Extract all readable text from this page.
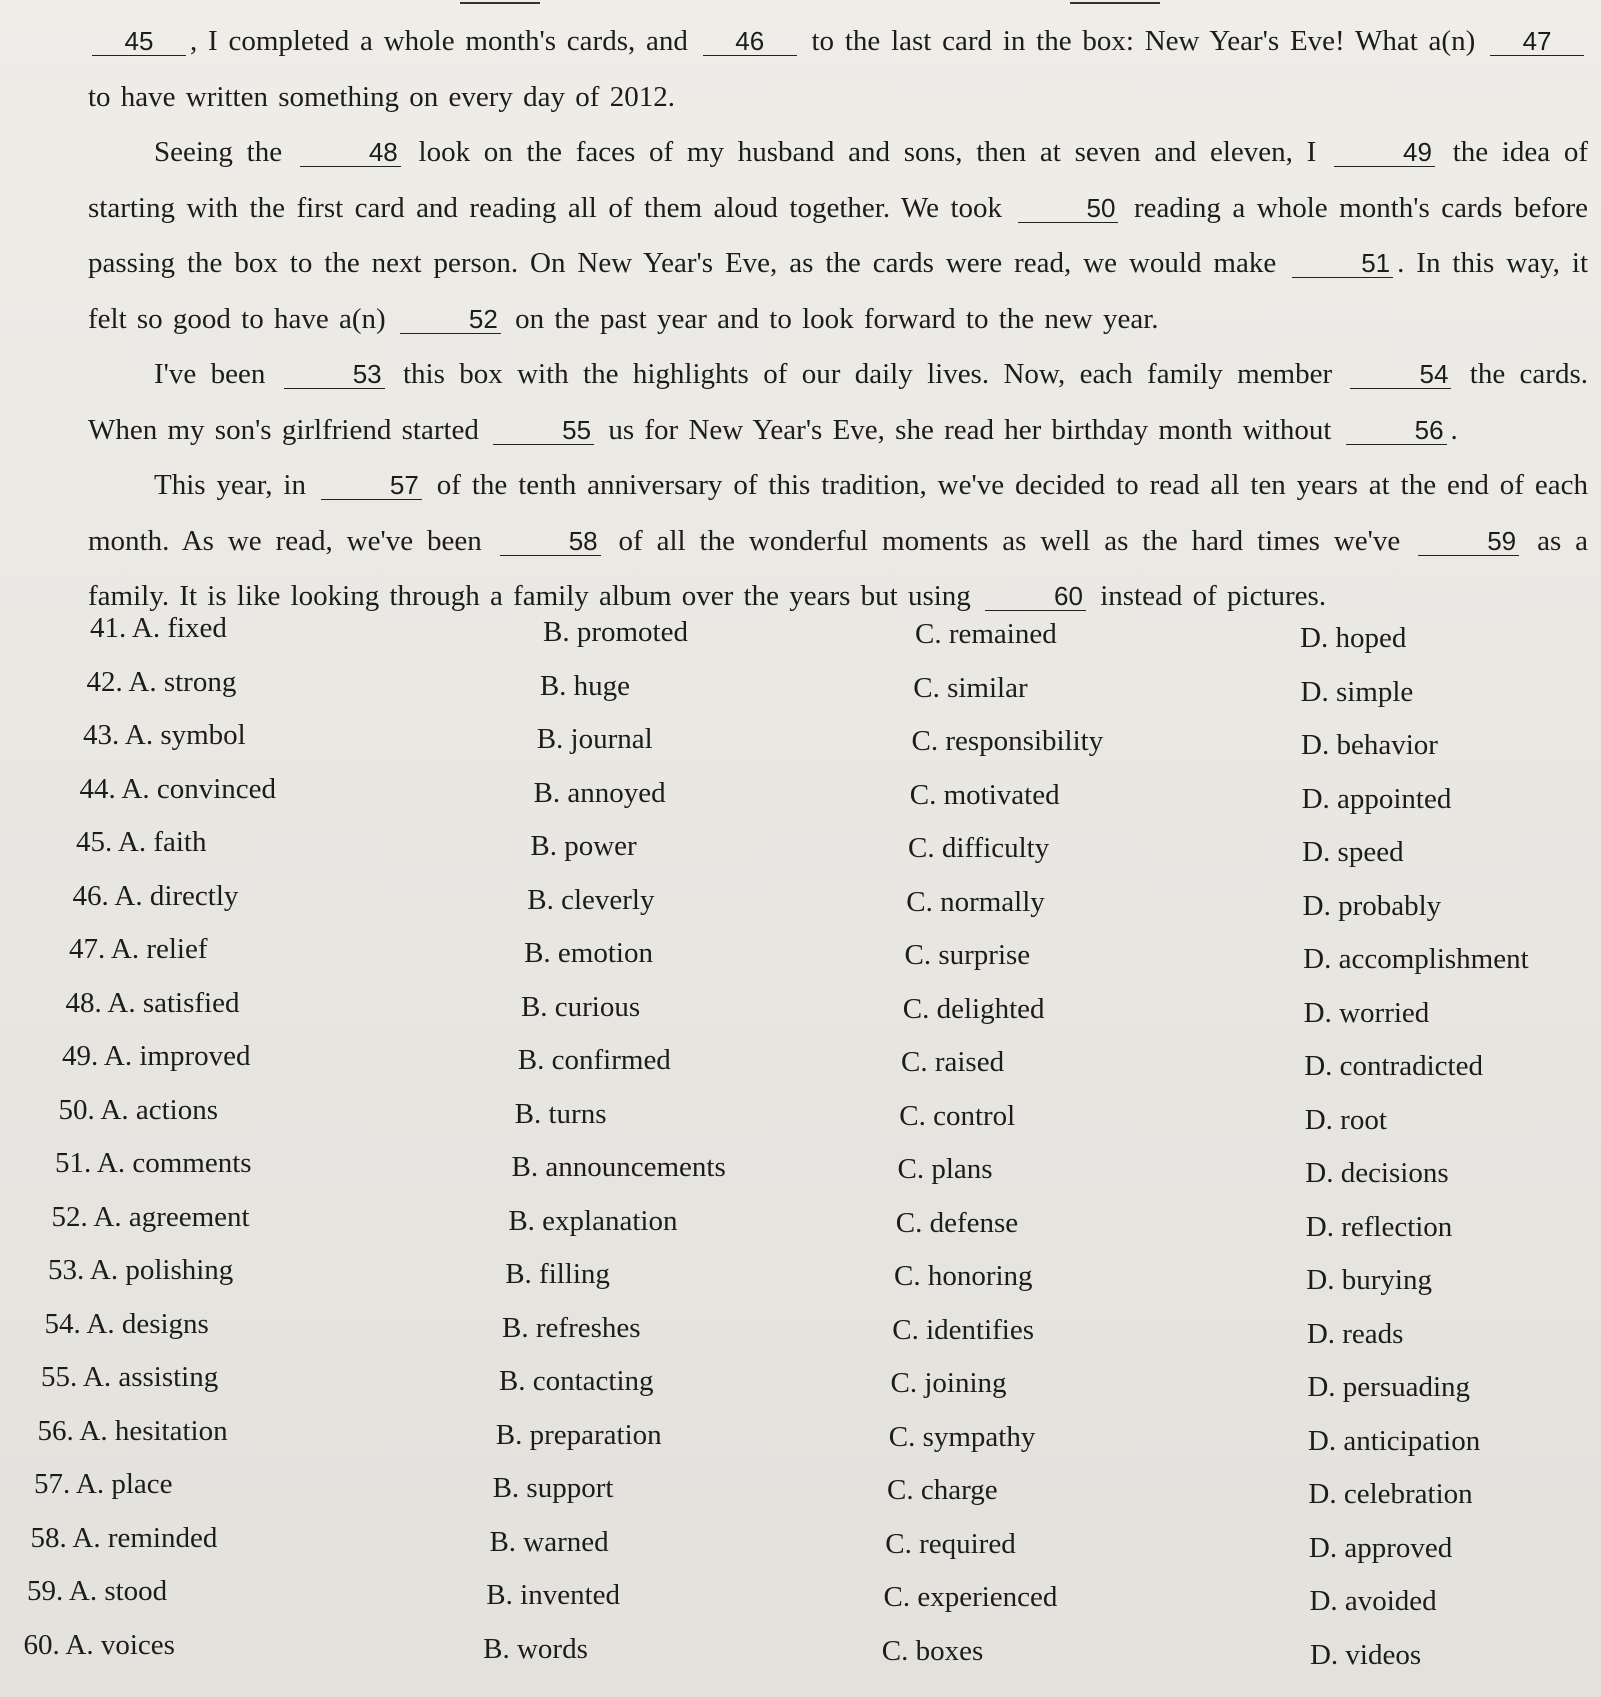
45 , I completed a whole month's cards, and 46 to the last card in the box: New Year's Eve! What a(n) 47 to have written something on every day of 2012.

Seeing the	48 look on the faces of my husband and sons, then at seven and eleven, I	49 the idea of starting with the first card and reading all of them aloud together. We took	50 reading a whole month's cards before passing the box to the next person. On New Year's Eve, as the cards were read, we would make	51 . In this way, it felt so good to have a(n)	52 on the past year and to look forward to the new year.

I've been	53 this box with the highlights of our daily lives. Now, each family member	54 the cards. When my son's girlfriend started	55 us for New Year's Eve, she read her birthday month without	56 .

This year, in	57 of the tenth anniversary of this tradition, we've decided to read all ten years at the end of each month. As we read, we've been	58 of all the wonderful moments as well as the hard times we've	59 as a family. It is like looking through a family album over the years but using	60 instead of pictures.

41. A. fixed	B. promoted	C. remained	D. hoped
42. A. strong	B. huge	C. similar	D. simple
43. A. symbol	B. journal	C. responsibility	D. behavior
44. A. convinced	B. annoyed	C. motivated	D. appointed
45. A. faith	B. power	C. difficulty	D. speed
46. A. directly	B. cleverly	C. normally	D. probably
47. A. relief	B. emotion	C. surprise	D. accomplishment
48. A. satisfied	B. curious	C. delighted	D. worried
49. A. improved	B. confirmed	C. raised	D. contradicted
50. A. actions	B. turns	C. control	D. root
51. A. comments	B. announcements	C. plans	D. decisions
52. A. agreement	B. explanation	C. defense	D. reflection
53. A. polishing	B. filling	C. honoring	D. burying
54. A. designs	B. refreshes	C. identifies	D. reads
55. A. assisting	B. contacting	C. joining	D. persuading
56. A. hesitation	B. preparation	C. sympathy	D. anticipation
57. A. place	B. support	C. charge	D. celebration
58. A. reminded	B. warned	C. required	D. approved
59. A. stood	B. invented	C. experienced	D. avoided
60. A. voices	B. words	C. boxes	D. videos
